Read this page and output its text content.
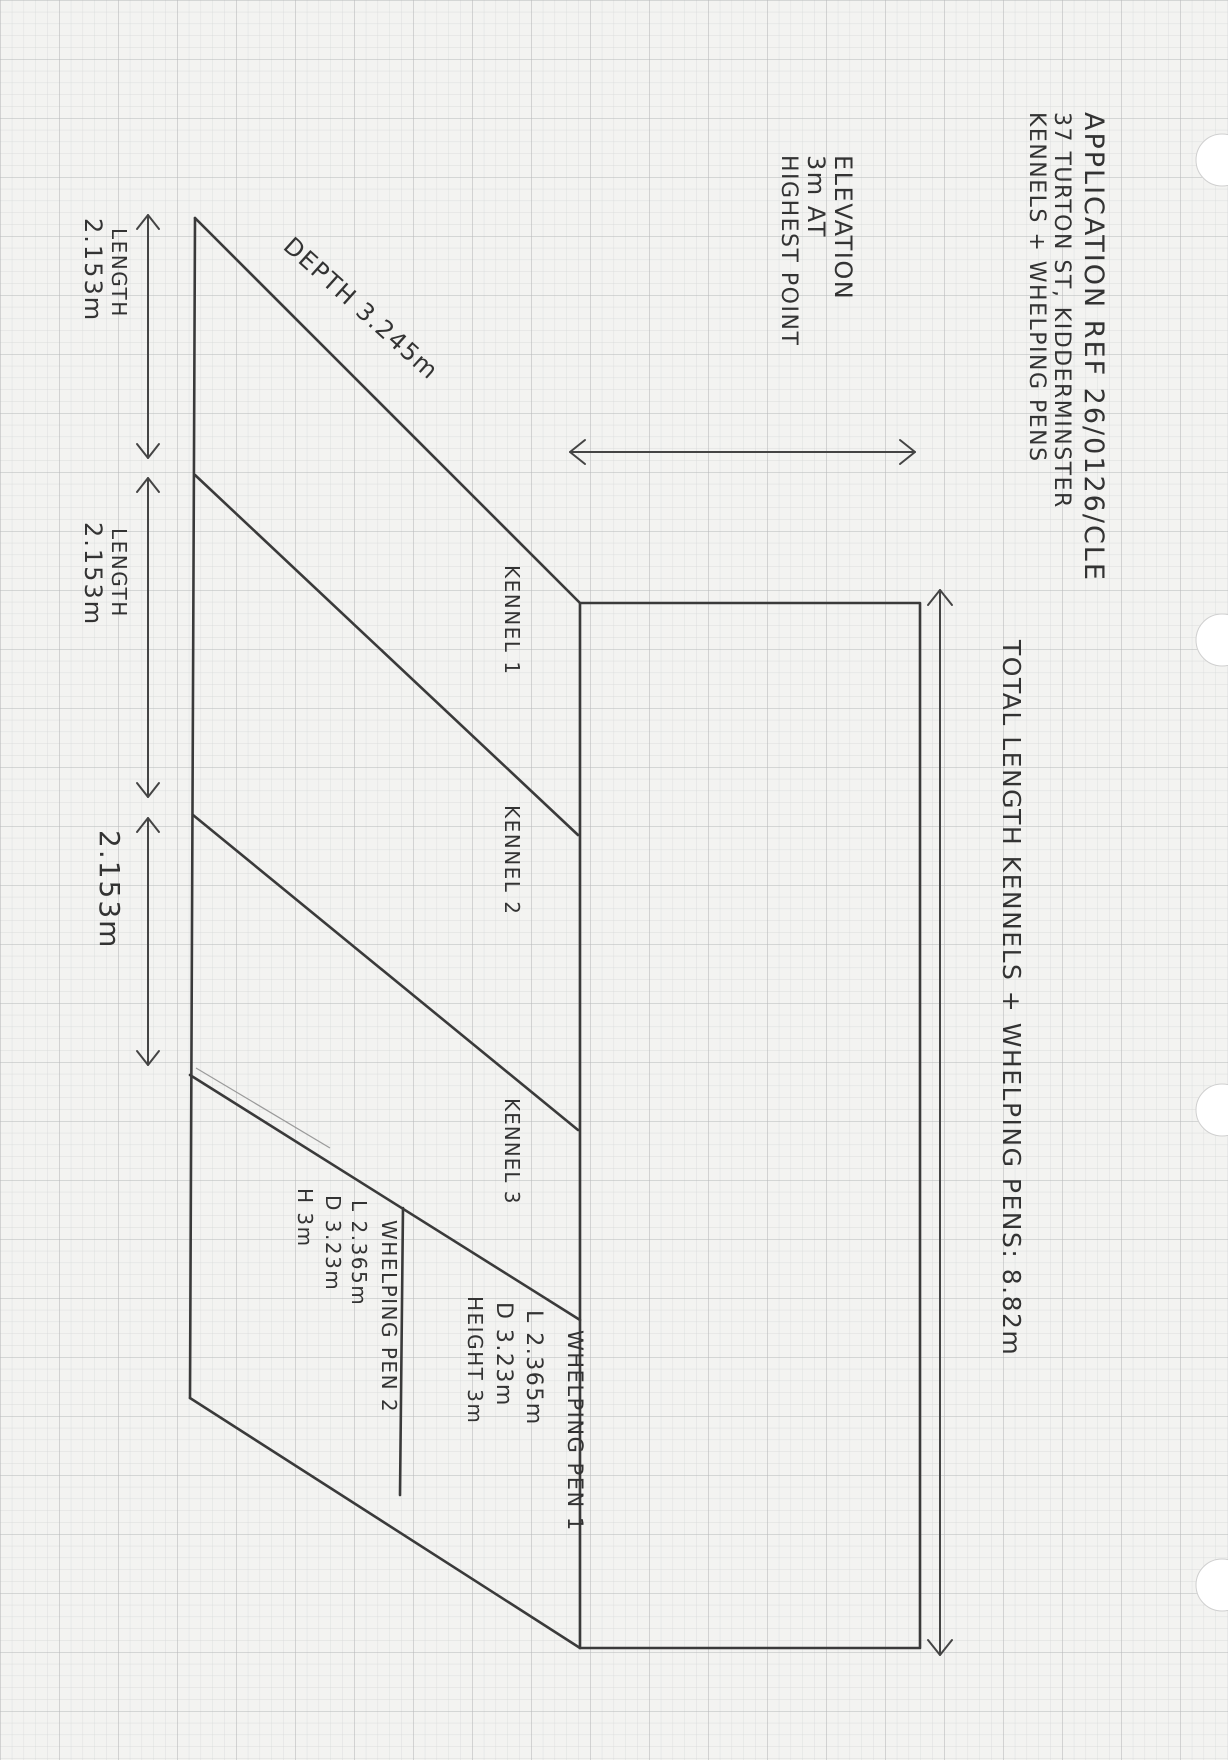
APPLICATION REF 26/0126/CLE
37 TURTON ST, KIDDERMINSTER
KENNELS + WHELPING PENS
TOTAL LENGTH KENNELS + WHELPING PENS: 8.82m
ELEVATION
3m AT
HIGHEST POINT
DEPTH 3.245m
KENNEL 1
KENNEL 2
KENNEL 3
LENGTH
2.153m
LENGTH
2.153m
2.153m
WHELPING PEN 1
L 2.365m
D 3.23m
HEIGHT 3m
WHELPING PEN 2
L 2.365m
D 3.23m
H 3m
